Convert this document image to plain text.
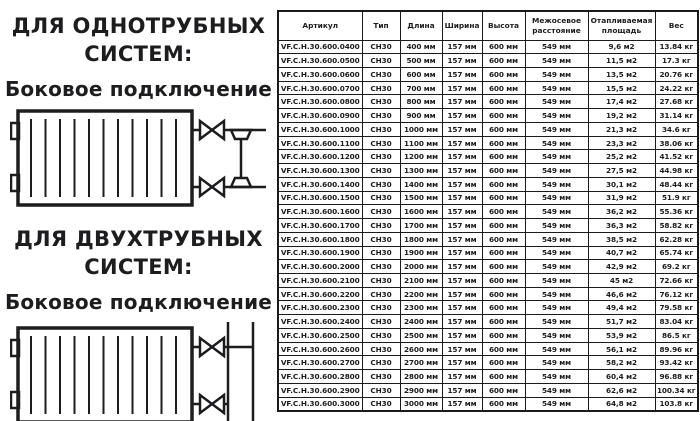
ДЛЯ ОДНОТРУБНЫХ
СИСТЕМ:
Боковое подключение
ДЛЯ ДВУХТРУБНЫХ
СИСТЕМ:
Боковое подключение
Артикул	Тип	Длина	Ширина	Высота	Межосевое расстояние	Отапливаемая площадь	Вес
VF.C.H.30.600.0400	CH30	400 мм	157 мм	600 мм	549 мм	9,6 м2	13.84 кг
VF.C.H.30.600.0500	CH30	500 мм	157 мм	600 мм	549 мм	11,5 м2	17.3 кг
VF.C.H.30.600.0600	CH30	600 мм	157 мм	600 мм	549 мм	13,5 м2	20.76 кг
VF.C.H.30.600.0700	CH30	700 мм	157 мм	600 мм	549 мм	15,5 м2	24.22 кг
VF.C.H.30.600.0800	CH30	800 мм	157 мм	600 мм	549 мм	17,4 м2	27.68 кг
VF.C.H.30.600.0900	CH30	900 мм	157 мм	600 мм	549 мм	19,2 м2	31.14 кг
VF.C.H.30.600.1000	CH30	1000 мм	157 мм	600 мм	549 мм	21,3 м2	34.6 кг
VF.C.H.30.600.1100	CH30	1100 мм	157 мм	600 мм	549 мм	23,3 м2	38.06 кг
VF.C.H.30.600.1200	CH30	1200 мм	157 мм	600 мм	549 мм	25,2 м2	41.52 кг
VF.C.H.30.600.1300	CH30	1300 мм	157 мм	600 мм	549 мм	27,5 м2	44.98 кг
VF.C.H.30.600.1400	CH30	1400 мм	157 мм	600 мм	549 мм	30,1 м2	48.44 кг
VF.C.H.30.600.1500	CH30	1500 мм	157 мм	600 мм	549 мм	31,9 м2	51.9 кг
VF.C.H.30.600.1600	CH30	1600 мм	157 мм	600 мм	549 мм	36,2 м2	55.36 кг
VF.C.H.30.600.1700	CH30	1700 мм	157 мм	600 мм	549 мм	36,3 м2	58.82 кг
VF.C.H.30.600.1800	CH30	1800 мм	157 мм	600 мм	549 мм	38,5 м2	62.28 кг
VF.C.H.30.600.1900	CH30	1900 мм	157 мм	600 мм	549 мм	40,7 м2	65.74 кг
VF.C.H.30.600.2000	CH30	2000 мм	157 мм	600 мм	549 мм	42,9 м2	69.2 кг
VF.C.H.30.600.2100	CH30	2100 мм	157 мм	600 мм	549 мм	45 м2	72.66 кг
VF.C.H.30.600.2200	CH30	2200 мм	157 мм	600 мм	549 мм	46,6 м2	76.12 кг
VF.C.H.30.600.2300	CH30	2300 мм	157 мм	600 мм	549 мм	49,4 м2	79.58 кг
VF.C.H.30.600.2400	CH30	2400 мм	157 мм	600 мм	549 мм	51,7 м2	83.04 кг
VF.C.H.30.600.2500	CH30	2500 мм	157 мм	600 мм	549 мм	53,9 м2	86.5 кг
VF.C.H.30.600.2600	CH30	2600 мм	157 мм	600 мм	549 мм	56,1 м2	89.96 кг
VF.C.H.30.600.2700	CH30	2700 мм	157 мм	600 мм	549 мм	58,2 м2	93.42 кг
VF.C.H.30.600.2800	CH30	2800 мм	157 мм	600 мм	549 мм	60,4 м2	96.88 кг
VF.C.H.30.600.2900	CH30	2900 мм	157 мм	600 мм	549 мм	62,6 м2	100.34 кг
VF.C.H.30.600.3000	CH30	3000 мм	157 мм	600 мм	549 мм	64,8 м2	103.8 кг
